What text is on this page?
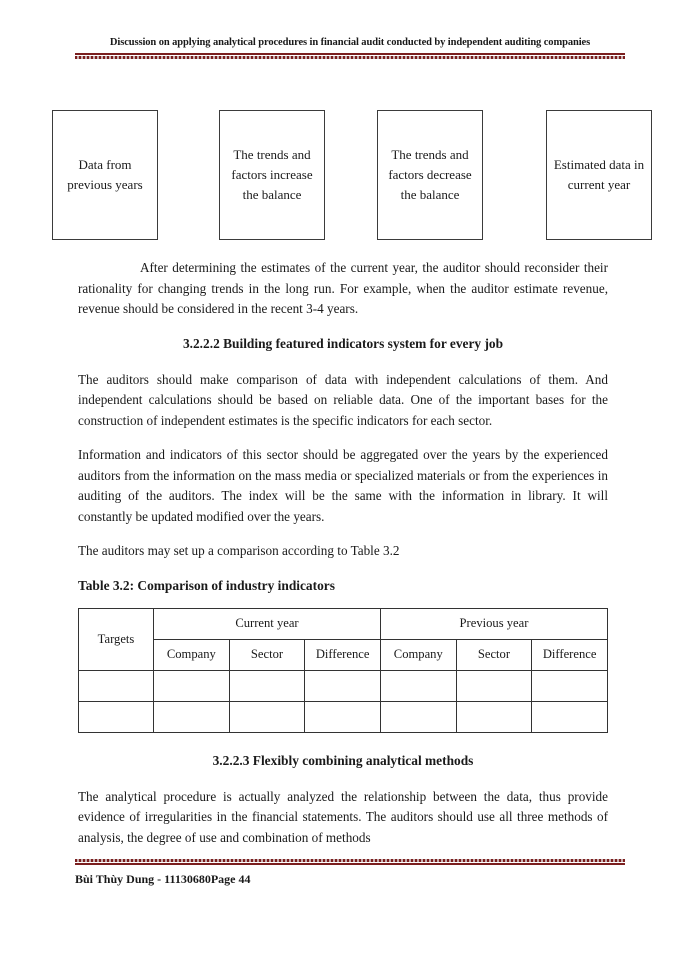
Discussion on applying analytical procedures in financial audit conducted by independent auditing companies
Data from previous years
The trends and factors increase the balance
The trends and factors decrease the balance
Estimated data in current year

After determining the estimates of the current year, the auditor should reconsider their rationality for changing trends in the long run. For example, when the auditor estimate revenue, revenue should be considered in the recent 3-4 years.

3.2.2.2 Building featured indicators system for every job

The auditors should make comparison of data with independent calculations of them. And independent calculations should be based on reliable data. One of the important bases for the construction of independent estimates is the specific indicators for each sector.

Information and indicators of this sector should be aggregated over the years by the experienced auditors from the information on the mass media or specialized materials or from the experiences in auditing of the auditors. The index will be the same with the information in library. It will constantly be updated modified over the years.

The auditors may set up a comparison according to Table 3.2

Table 3.2: Comparison of industry indicators
Targets	Current year			Previous year		
	Company	Sector	Difference	Company	Sector	Difference

3.2.2.3 Flexibly combining analytical methods

The analytical procedure is actually analyzed the relationship between the data, thus provide evidence of irregularities in the financial statements. The auditors should use all three methods of analysis, the degree of use and combination of methods

Bùi Thùy Dung - 11130680Page 44
